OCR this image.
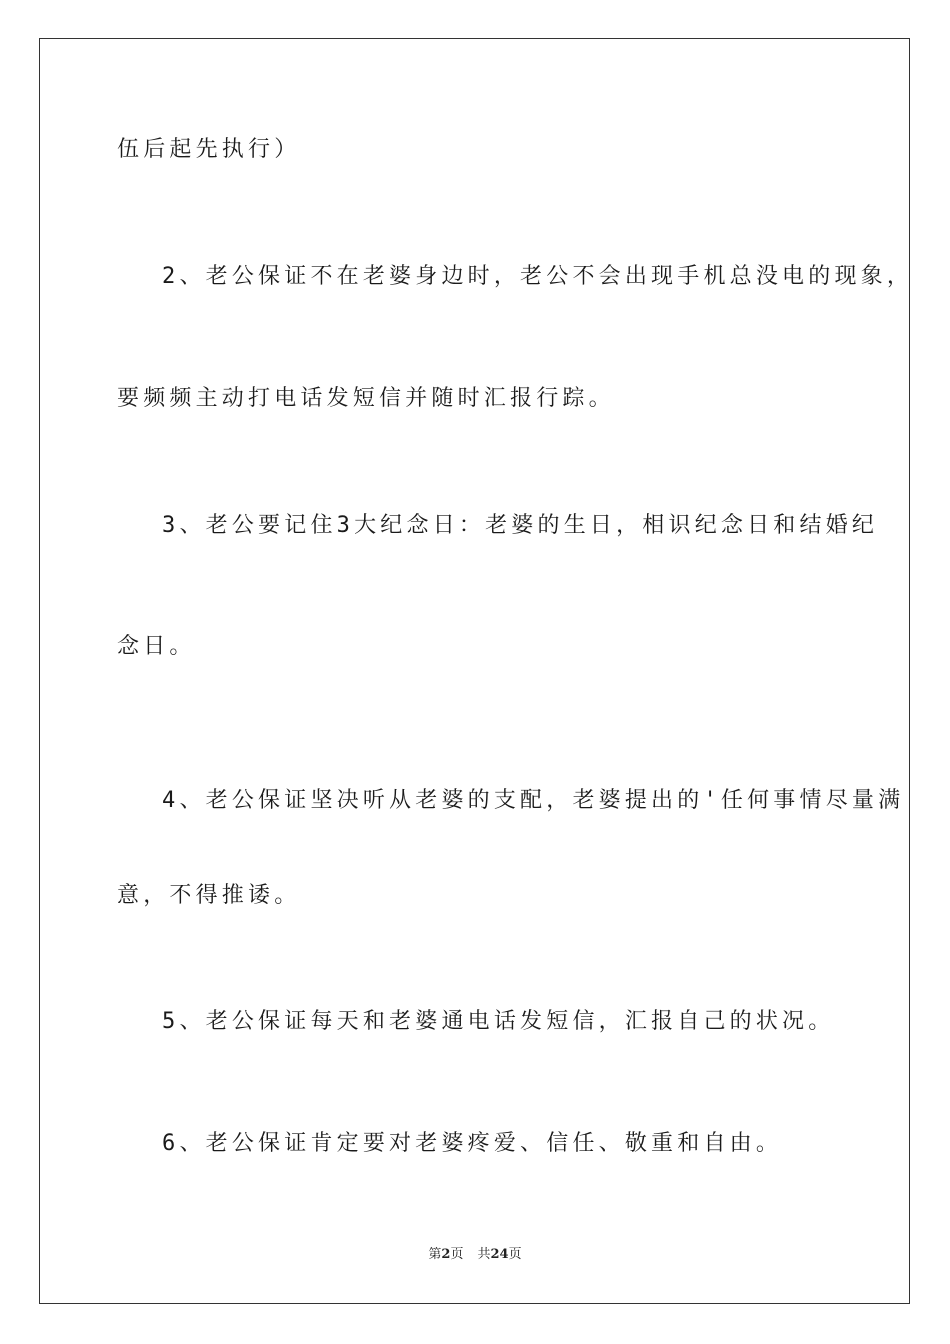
伍后起先执行）
2、老公保证不在老婆身边时，老公不会出现手机总没电的现象，
要频频主动打电话发短信并随时汇报行踪。
3、老公要记住3大纪念日：老婆的生日，相识纪念日和结婚纪
念日。
4、老公保证坚决听从老婆的支配，老婆提出的'任何事情尽量满
意，不得推诿。
5、老公保证每天和老婆通电话发短信，汇报自己的状况。
6、老公保证肯定要对老婆疼爱、信任、敬重和自由。
第2页 共24页
